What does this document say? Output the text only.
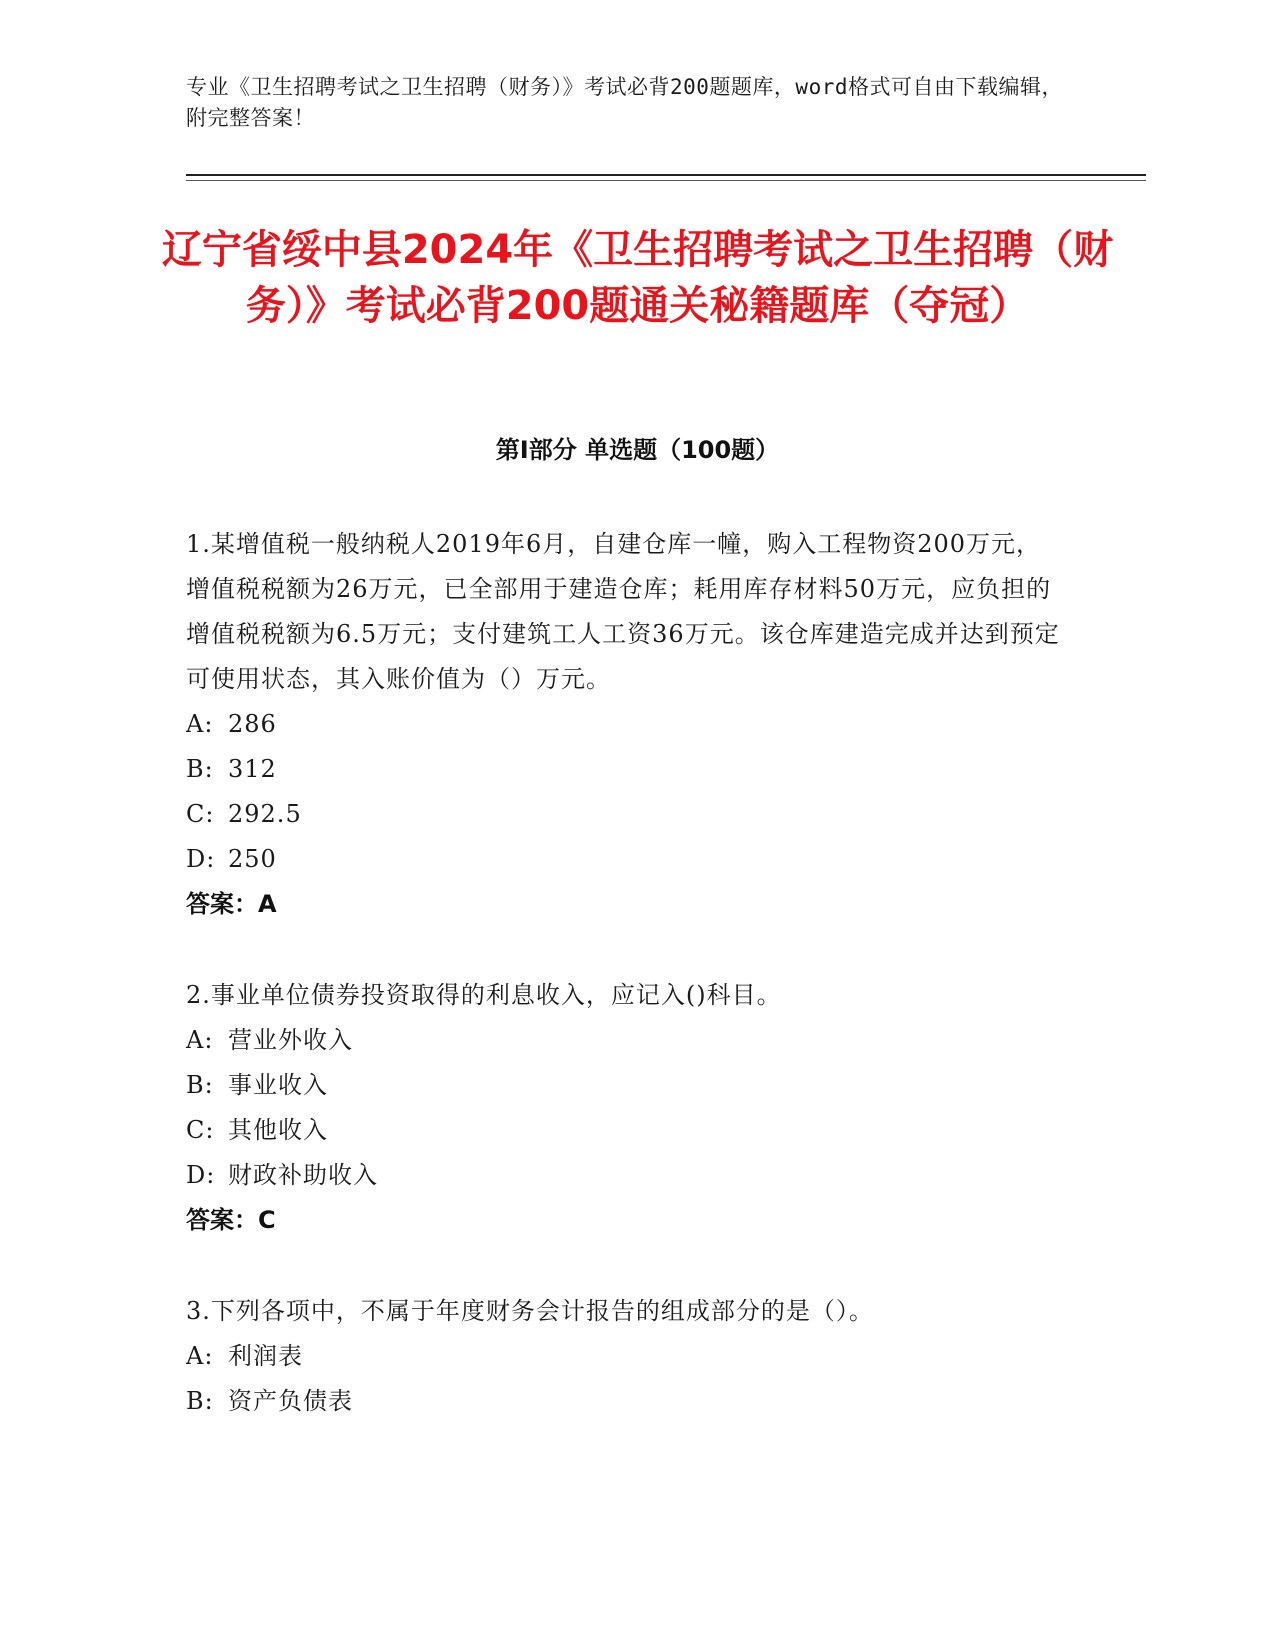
专业《卫生招聘考试之卫生招聘（财务）》考试必背200题题库，word格式可自由下载编辑，附完整答案！
辽宁省绥中县2024年《卫生招聘考试之卫生招聘（财务）》考试必背200题通关秘籍题库（夺冠）
第Ⅰ部分 单选题（100题）
1.某增值税一般纳税人2019年6月，自建仓库一幢，购入工程物资200万元，增值税税额为26万元，已全部用于建造仓库；耗用库存材料50万元，应负担的增值税税额为6.5万元；支付建筑工人工资36万元。该仓库建造完成并达到预定可使用状态，其入账价值为（）万元。
A: 286
B: 312
C: 292.5
D: 250
答案：A
2.事业单位债券投资取得的利息收入，应记入()科目。
A: 营业外收入
B: 事业收入
C: 其他收入
D: 财政补助收入
答案：C
3.下列各项中，不属于年度财务会计报告的组成部分的是（）。
A: 利润表
B: 资产负债表
